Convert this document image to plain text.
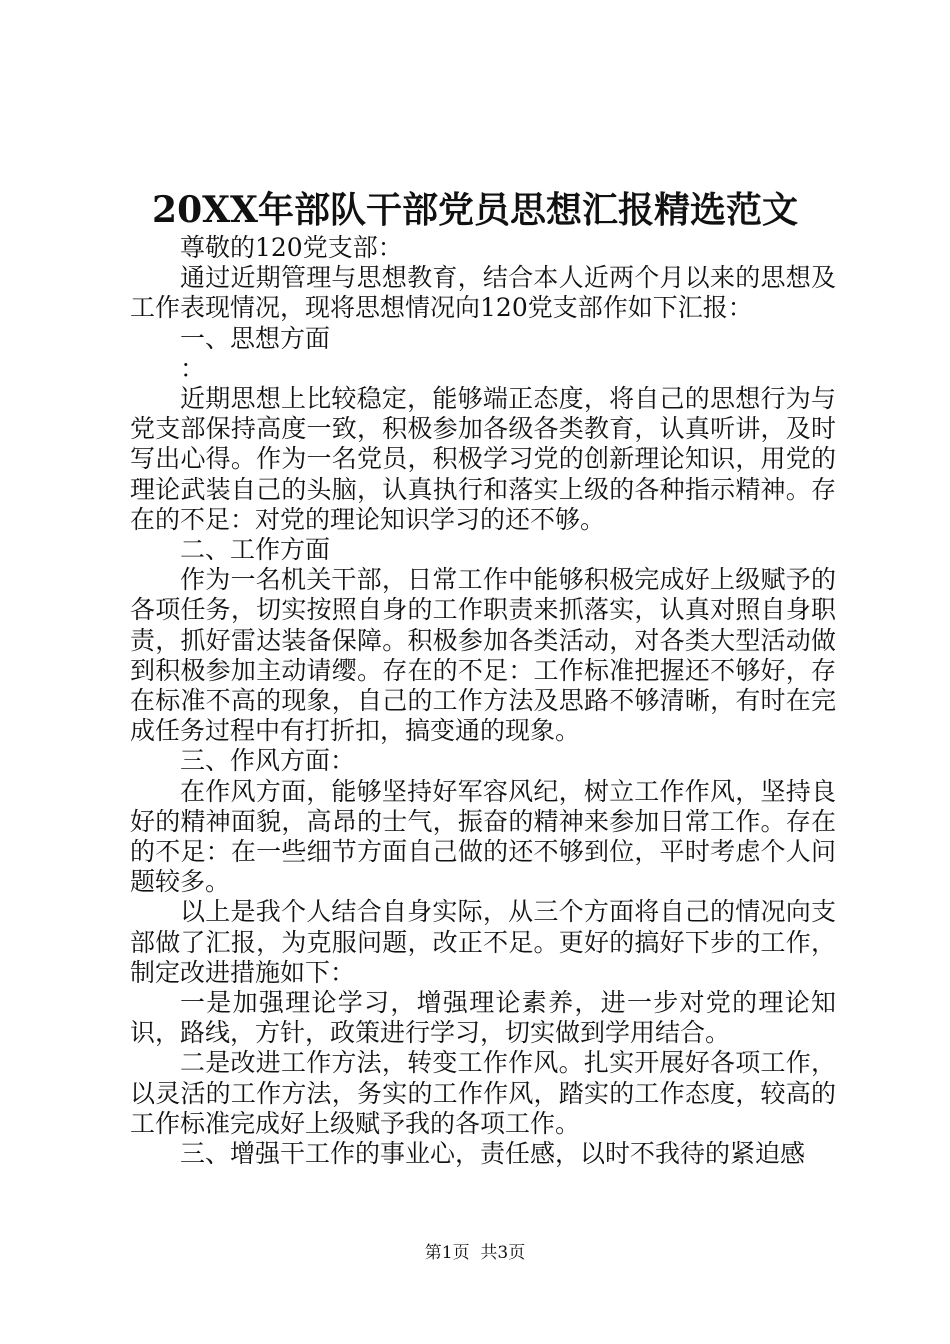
20XX年部队干部党员思想汇报精选范文

尊敬的120党支部：

通过近期管理与思想教育，结合本人近两个月以来的思想及工作表现情况，现将思想情况向120党支部作如下汇报：

一、思想方面

：

近期思想上比较稳定，能够端正态度，将自己的思想行为与党支部保持高度一致，积极参加各级各类教育，认真听讲，及时写出心得。作为一名党员，积极学习党的创新理论知识，用党的理论武装自己的头脑，认真执行和落实上级的各种指示精神。存在的不足：对党的理论知识学习的还不够。

二、工作方面

作为一名机关干部，日常工作中能够积极完成好上级赋予的各项任务，切实按照自身的工作职责来抓落实，认真对照自身职责，抓好雷达装备保障。积极参加各类活动，对各类大型活动做到积极参加主动请缨。存在的不足：工作标准把握还不够好，存在标准不高的现象，自己的工作方法及思路不够清晰，有时在完成任务过程中有打折扣，搞变通的现象。

三、作风方面：

在作风方面，能够坚持好军容风纪，树立工作作风，坚持良好的精神面貌，高昂的士气，振奋的精神来参加日常工作。存在的不足：在一些细节方面自己做的还不够到位，平时考虑个人问题较多。

以上是我个人结合自身实际，从三个方面将自己的情况向支部做了汇报，为克服问题，改正不足。更好的搞好下步的工作，制定改进措施如下：

一是加强理论学习，增强理论素养，进一步对党的理论知识，路线，方针，政策进行学习，切实做到学用结合。

二是改进工作方法，转变工作作风。扎实开展好各项工作，以灵活的工作方法，务实的工作作风，踏实的工作态度，较高的工作标准完成好上级赋予我的各项工作。

三、增强干工作的事业心，责任感，以时不我待的紧迫感

第1页  共3页
